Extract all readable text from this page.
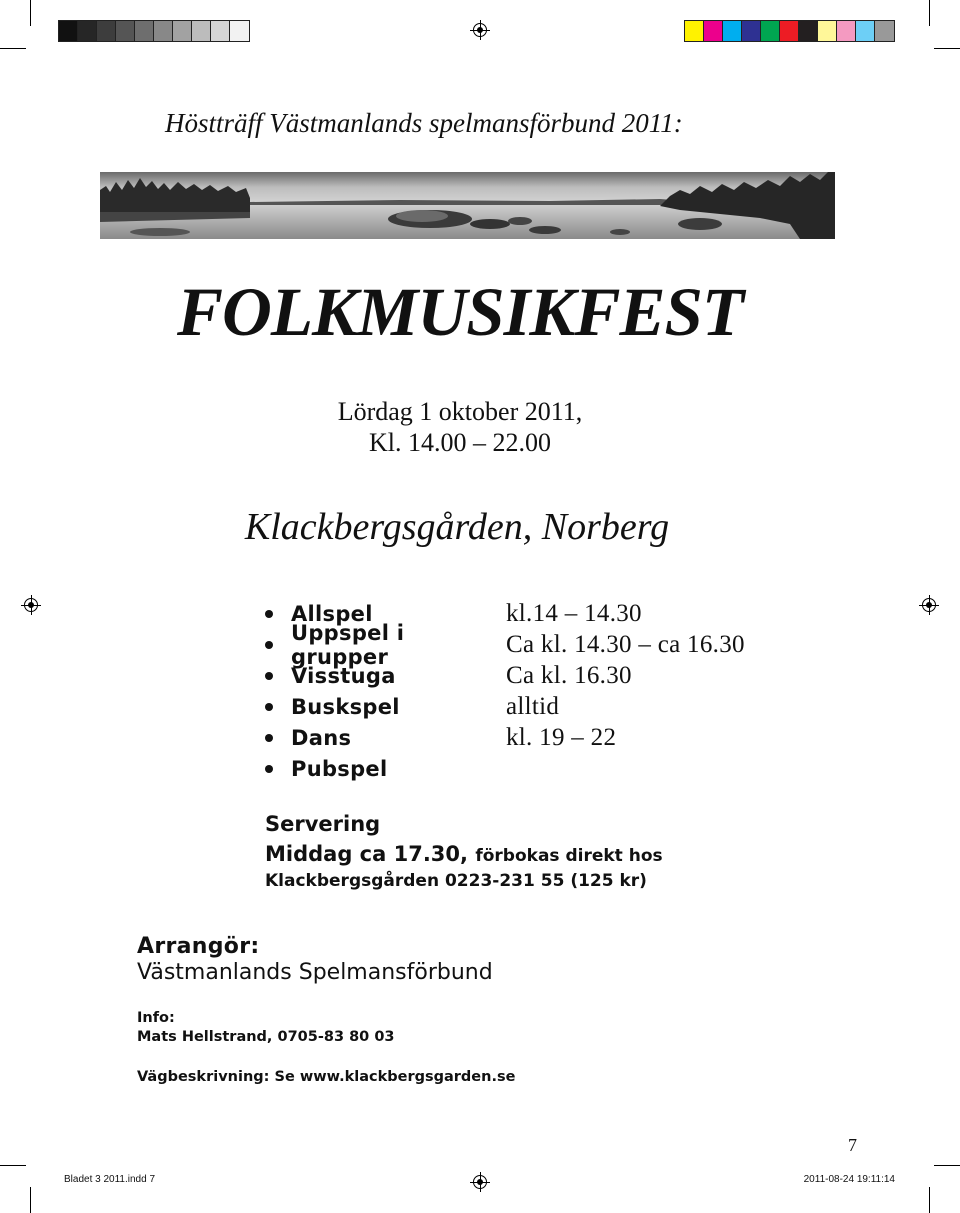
Höstträff Västmanlands spelmansförbund 2011:
FOLKMUSIKFEST
Lördag 1 oktober 2011,
Kl. 14.00 – 22.00
Klackbergsgården, Norberg
Allspel	kl.14 – 14.30
Uppspel i grupper	Ca kl. 14.30 – ca 16.30
Visstuga	Ca kl. 16.30
Buskspel	alltid
Dans	kl. 19 – 22
Pubspel
Servering
Middag ca 17.30, förbokas direkt hos
Klackbergsgården 0223-231 55 (125 kr)
Arrangör:
Västmanlands Spelmansförbund
Info:
Mats Hellstrand, 0705-83 80 03
Vägbeskrivning: Se www.klackbergsgarden.se
7
Bladet 3 2011.indd 7	2011-08-24 19:11:14
